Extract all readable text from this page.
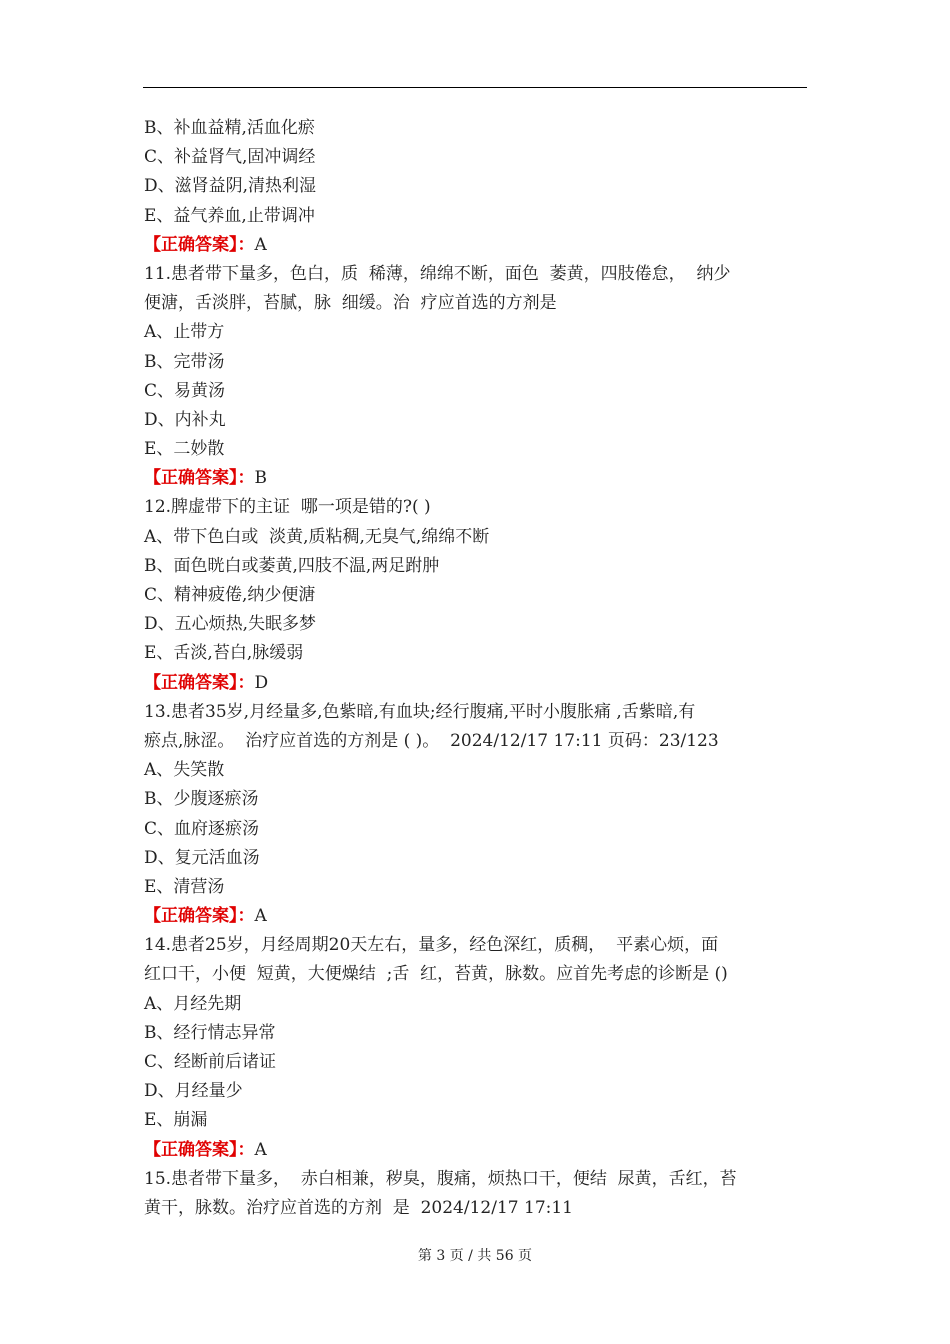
B、补血益精,活血化瘀
C、补益肾气,固冲调经
D、滋肾益阴,清热利湿
E、益气养血,止带调冲
【正确答案】：A
11.患者带下量多，色白，质  稀薄，绵绵不断，面色  萎黄，四肢倦怠，  纳少
便溏，舌淡胖，苔腻，脉  细缓。治  疗应首选的方剂是
A、止带方
B、完带汤
C、易黄汤
D、内补丸
E、二妙散
【正确答案】：B
12.脾虚带下的主证  哪一项是错的?( )
A、带下色白或  淡黄,质粘稠,无臭气,绵绵不断
B、面色晄白或萎黄,四肢不温,两足跗肿
C、精神疲倦,纳少便溏
D、五心烦热,失眠多梦
E、舌淡,苔白,脉缓弱
【正确答案】：D
13.患者35岁,月经量多,色紫暗,有血块;经行腹痛,平时小腹胀痛 ,舌紫暗,有
瘀点,脉涩。  治疗应首选的方剂是 ( )。  2024/12/17 17:11 页码：23/123
A、失笑散
B、少腹逐瘀汤
C、血府逐瘀汤
D、复元活血汤
E、清营汤
【正确答案】：A
14.患者25岁，月经周期20天左右，量多，经色深红，质稠，  平素心烦，面
红口干，小便  短黄，大便燥结  ;舌  红，苔黄，脉数。应首先考虑的诊断是 ()
A、月经先期
B、经行情志异常
C、经断前后诸证
D、月经量少
E、崩漏
【正确答案】：A
15.患者带下量多，  赤白相兼，秽臭，腹痛，烦热口干，便结  尿黄，舌红，苔
黄干，脉数。治疗应首选的方剂  是  2024/12/17 17:11
第 3 页 / 共 56 页
